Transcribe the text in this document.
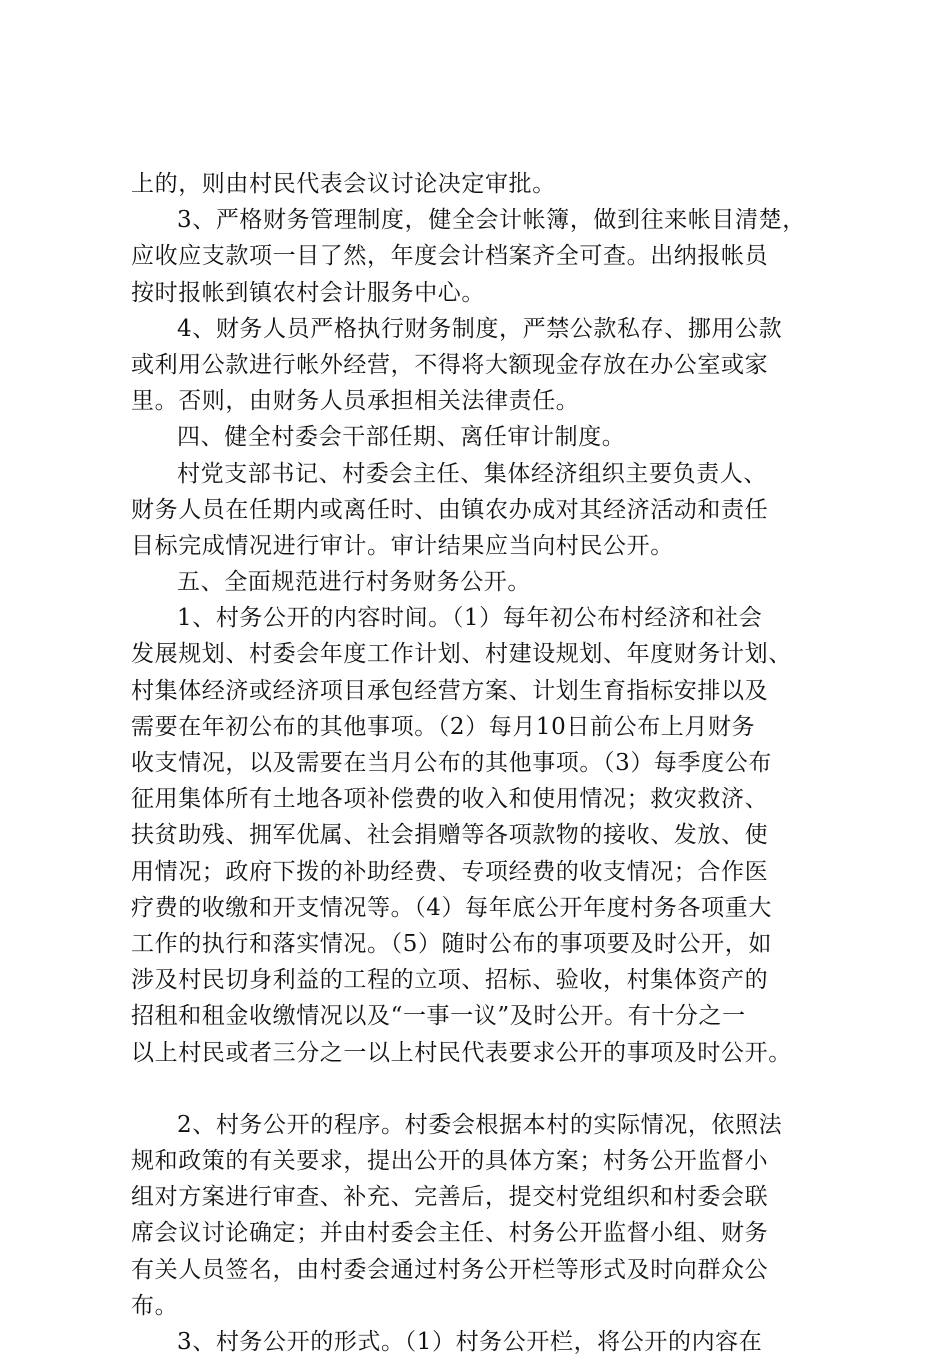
上的，则由村民代表会议讨论决定审批。
3、严格财务管理制度，健全会计帐簿，做到往来帐目清楚，
应收应支款项一目了然，年度会计档案齐全可查。出纳报帐员
按时报帐到镇农村会计服务中心。
4、财务人员严格执行财务制度，严禁公款私存、挪用公款
或利用公款进行帐外经营，不得将大额现金存放在办公室或家
里。否则，由财务人员承担相关法律责任。
四、健全村委会干部任期、离任审计制度。
村党支部书记、村委会主任、集体经济组织主要负责人、
财务人员在任期内或离任时、由镇农办成对其经济活动和责任
目标完成情况进行审计。审计结果应当向村民公开。
五、全面规范进行村务财务公开。
1、村务公开的内容时间。（1）每年初公布村经济和社会
发展规划、村委会年度工作计划、村建设规划、年度财务计划、
村集体经济或经济项目承包经营方案、计划生育指标安排以及
需要在年初公布的其他事项。（2）每月10日前公布上月财务
收支情况，以及需要在当月公布的其他事项。（3）每季度公布
征用集体所有土地各项补偿费的收入和使用情况；救灾救济、
扶贫助残、拥军优属、社会捐赠等各项款物的接收、发放、使
用情况；政府下拨的补助经费、专项经费的收支情况；合作医
疗费的收缴和开支情况等。（4）每年底公开年度村务各项重大
工作的执行和落实情况。（5）随时公布的事项要及时公开，如
涉及村民切身利益的工程的立项、招标、验收，村集体资产的
招租和租金收缴情况以及“一事一议”及时公开。有十分之一
以上村民或者三分之一以上村民代表要求公开的事项及时公开。
2、村务公开的程序。村委会根据本村的实际情况，依照法
规和政策的有关要求，提出公开的具体方案；村务公开监督小
组对方案进行审查、补充、完善后，提交村党组织和村委会联
席会议讨论确定；并由村委会主任、村务公开监督小组、财务
有关人员签名，由村委会通过村务公开栏等形式及时向群众公
布。
3、村务公开的形式。（1）村务公开栏，将公开的内容在
